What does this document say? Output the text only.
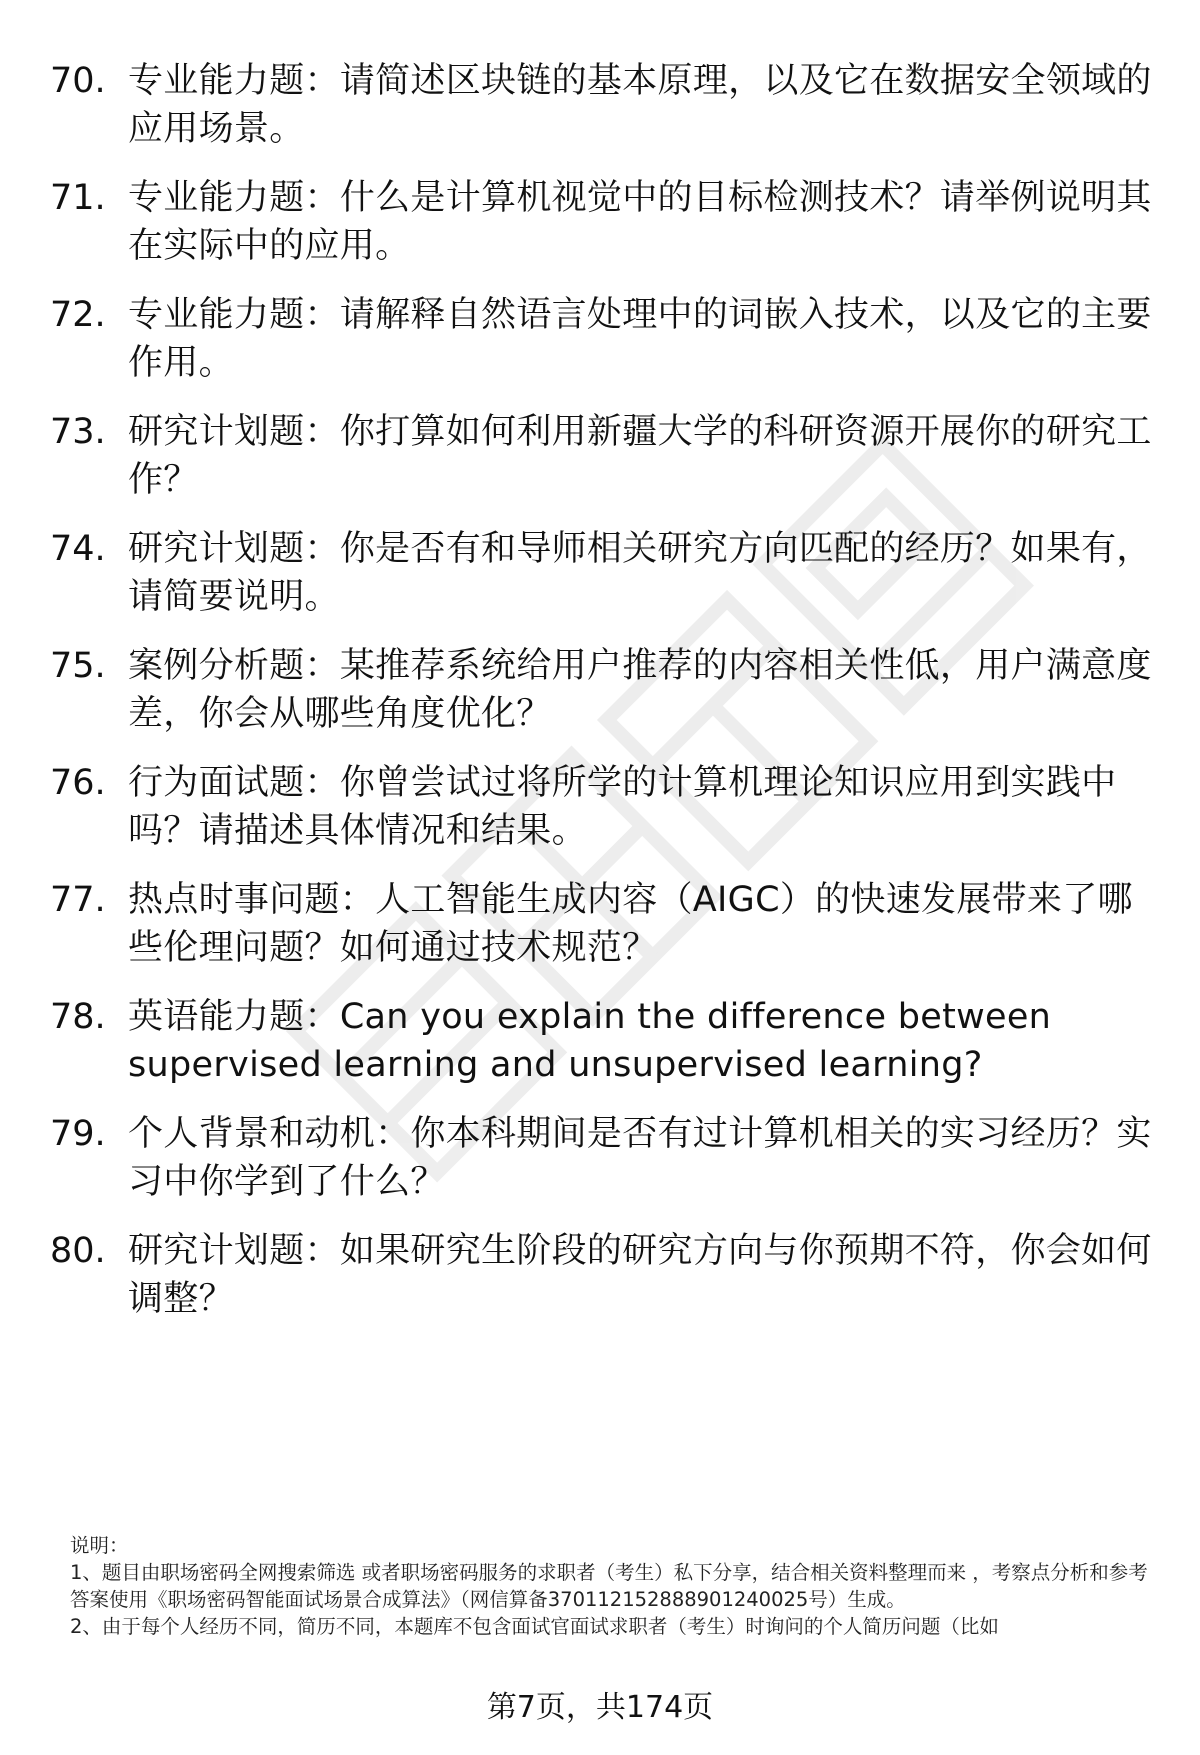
70. 专业能力题：请简述区块链的基本原理，以及它在数据安全领域的应用场景。
71. 专业能力题：什么是计算机视觉中的目标检测技术？请举例说明其在实际中的应用。
72. 专业能力题：请解释自然语言处理中的词嵌入技术，以及它的主要作用。
73. 研究计划题：你打算如何利用新疆大学的科研资源开展你的研究工作？
74. 研究计划题：你是否有和导师相关研究方向匹配的经历？如果有，请简要说明。
75. 案例分析题：某推荐系统给用户推荐的内容相关性低，用户满意度差，你会从哪些角度优化？
76. 行为面试题：你曾尝试过将所学的计算机理论知识应用到实践中吗？请描述具体情况和结果。
77. 热点时事问题：人工智能生成内容（AIGC）的快速发展带来了哪些伦理问题？如何通过技术规范？
78. 英语能力题：Can you explain the difference between supervised learning and unsupervised learning?
79. 个人背景和动机：你本科期间是否有过计算机相关的实习经历？实习中你学到了什么？
80. 研究计划题：如果研究生阶段的研究方向与你预期不符，你会如何调整？

说明：

1、题目由职场密码全网搜索筛选 或者职场密码服务的求职者（考生）私下分享，结合相关资料整理而来 ，考察点分析和参考答案使用《职场密码智能面试场景合成算法》（网信算备370112152888901240025号）生成。

2、由于每个人经历不同，简历不同，本题库不包含面试官面试求职者（考生）时询问的个人简历问题（比如

第7页，共174页
